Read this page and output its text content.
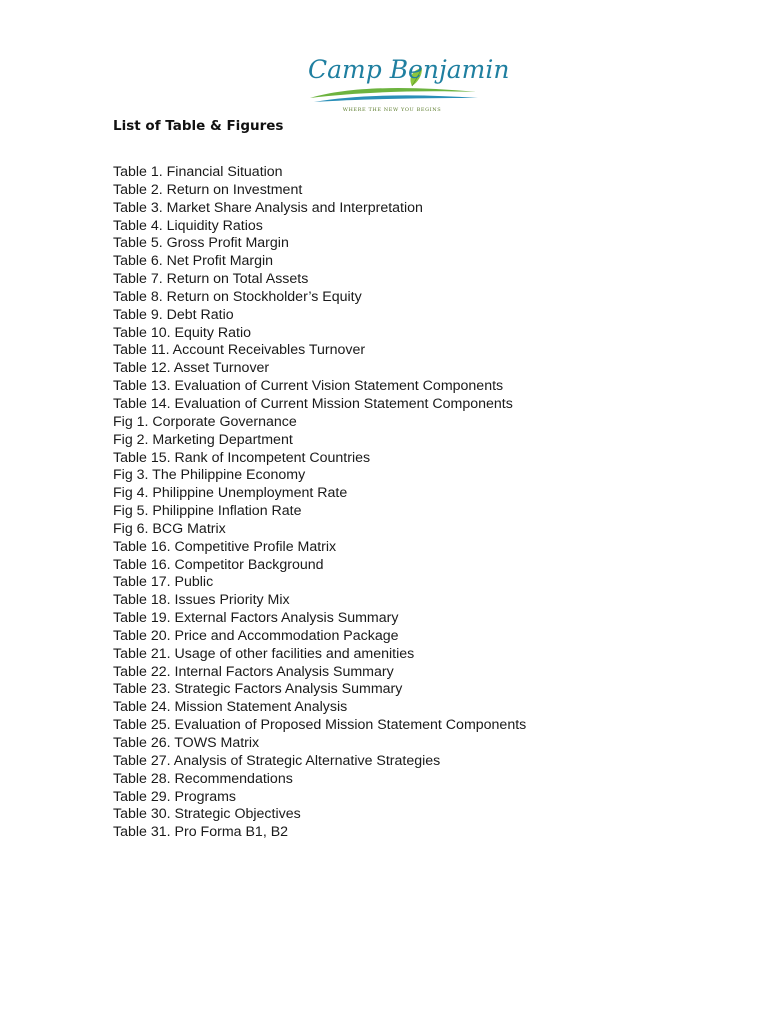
Camp Benjamin
WHERE THE NEW YOU BEGINS
List of Table & Figures
Table 1. Financial Situation
Table 2. Return on Investment
Table 3. Market Share Analysis and Interpretation
Table 4. Liquidity Ratios
Table 5. Gross Profit Margin
Table 6. Net Profit Margin
Table 7. Return on Total Assets
Table 8. Return on Stockholder’s Equity
Table 9. Debt Ratio
Table 10. Equity Ratio
Table 11. Account Receivables Turnover
Table 12. Asset Turnover
Table 13. Evaluation of Current Vision Statement Components
Table 14. Evaluation of Current Mission Statement Components
Fig 1. Corporate Governance
Fig 2. Marketing Department
Table 15. Rank of Incompetent Countries
Fig 3. The Philippine Economy
Fig 4. Philippine Unemployment Rate
Fig 5. Philippine Inflation Rate
Fig 6. BCG Matrix
Table 16. Competitive Profile Matrix
Table 16. Competitor Background
Table 17. Public
Table 18. Issues Priority Mix
Table 19. External Factors Analysis Summary
Table 20. Price and Accommodation Package
Table 21. Usage of other facilities and amenities
Table 22. Internal Factors Analysis Summary
Table 23. Strategic Factors Analysis Summary
Table 24. Mission Statement Analysis
Table 25. Evaluation of Proposed Mission Statement Components
Table 26. TOWS Matrix
Table 27. Analysis of Strategic Alternative Strategies
Table 28. Recommendations
Table 29. Programs
Table 30. Strategic Objectives
Table 31. Pro Forma B1, B2
